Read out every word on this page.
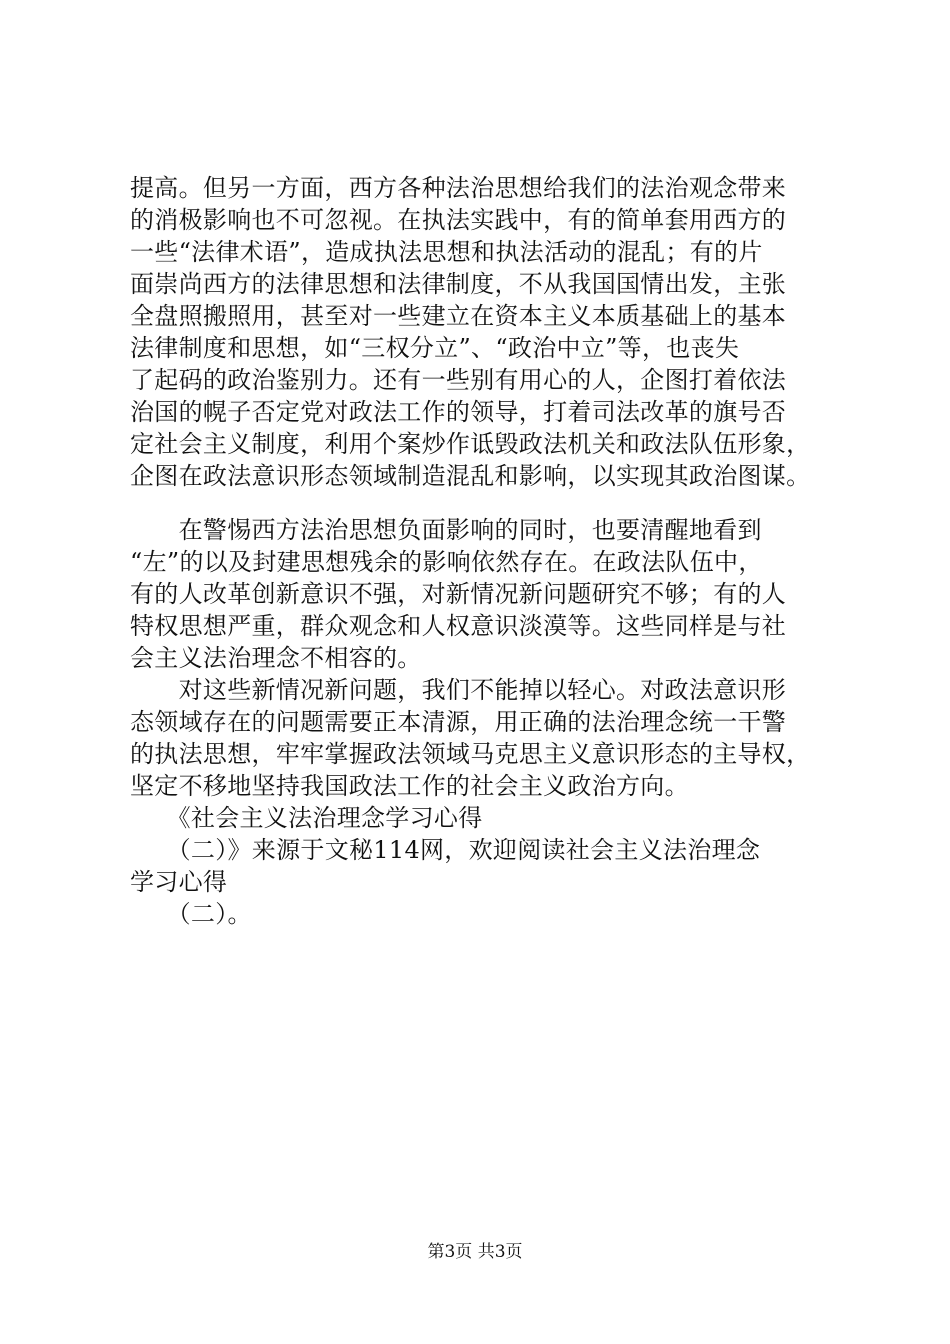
提高。但另一方面，西方各种法治思想给我们的法治观念带来
的消极影响也不可忽视。在执法实践中，有的简单套用西方的
一些“法律术语”，造成执法思想和执法活动的混乱；有的片
面崇尚西方的法律思想和法律制度，不从我国国情出发，主张
全盘照搬照用，甚至对一些建立在资本主义本质基础上的基本
法律制度和思想，如“三权分立”、“政治中立”等，也丧失
了起码的政治鉴别力。还有一些别有用心的人，企图打着依法
治国的幌子否定党对政法工作的领导，打着司法改革的旗号否
定社会主义制度，利用个案炒作诋毁政法机关和政法队伍形象，
企图在政法意识形态领域制造混乱和影响，以实现其政治图谋。
　　在警惕西方法治思想负面影响的同时，也要清醒地看到
“左”的以及封建思想残余的影响依然存在。在政法队伍中，
有的人改革创新意识不强，对新情况新问题研究不够；有的人
特权思想严重，群众观念和人权意识淡漠等。这些同样是与社
会主义法治理念不相容的。
　　对这些新情况新问题，我们不能掉以轻心。对政法意识形
态领域存在的问题需要正本清源，用正确的法治理念统一干警
的执法思想，牢牢掌握政法领域马克思主义意识形态的主导权，
坚定不移地坚持我国政法工作的社会主义政治方向。
　　《社会主义法治理念学习心得
　　（二）》来源于文秘114网，欢迎阅读社会主义法治理念
学习心得
　　（二）。
第3页 共3页
